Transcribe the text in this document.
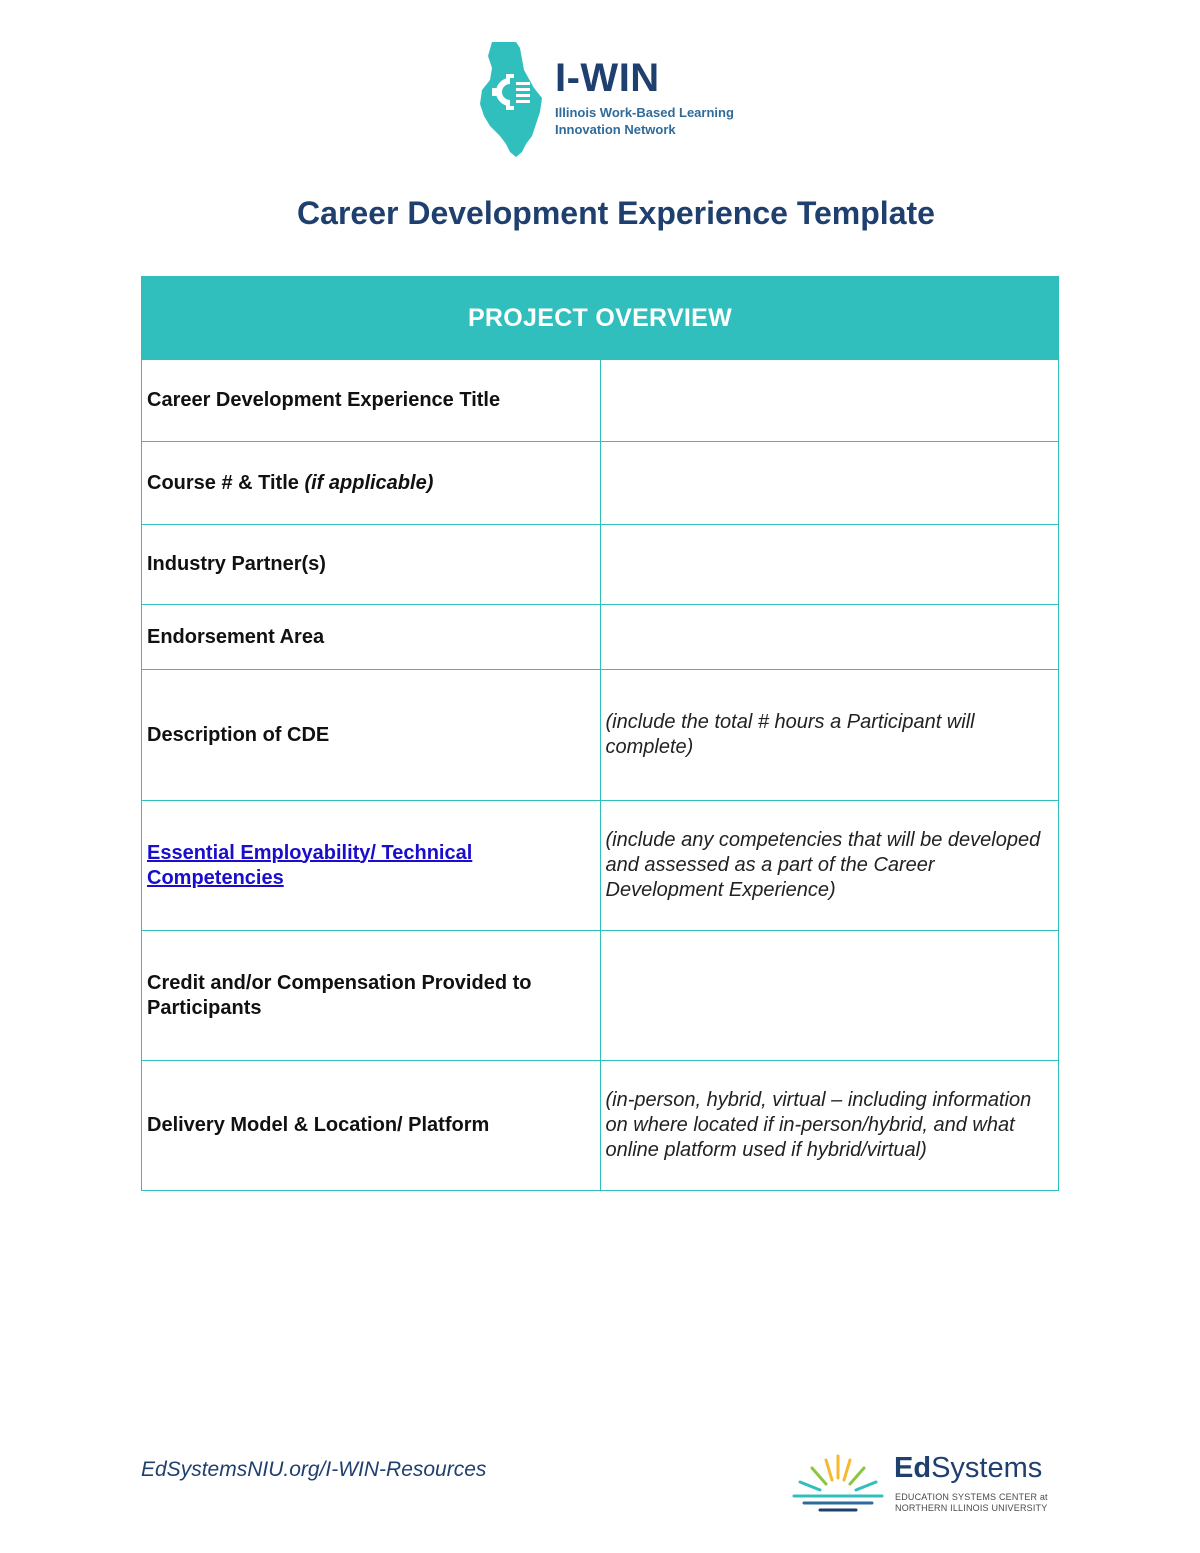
I-WIN
Illinois Work-Based Learning
Innovation Network
Career Development Experience Template
PROJECT OVERVIEW	
Career Development Experience Title	
Course # & Title (if applicable)	
Industry Partner(s)	
Endorsement Area	
Description of CDE	(include the total # hours a Participant will complete)
Essential Employability/ Technical Competencies	(include any competencies that will be developed and assessed as a part of the Career Development Experience)
Credit and/or Compensation Provided to Participants	
Delivery Model & Location/ Platform	(in-person, hybrid, virtual – including information on where located if in-person/hybrid, and what online platform used if hybrid/virtual)
EdSystemsNIU.org/I-WIN-Resources	EdSystems
EDUCATION SYSTEMS CENTER at
NORTHERN ILLINOIS UNIVERSITY
